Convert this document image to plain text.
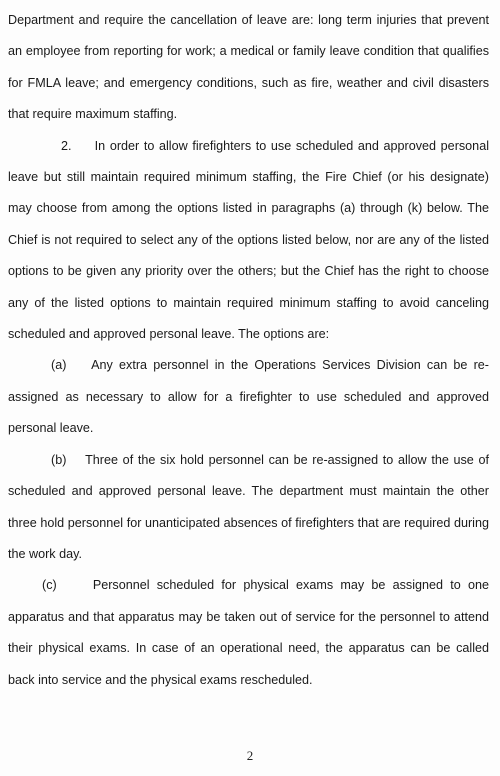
Department and require the cancellation of leave are: long term injuries that prevent an employee from reporting for work; a medical or family leave condition that qualifies for FMLA leave; and emergency conditions, such as fire, weather and civil disasters that require maximum staffing.

2.     In order to allow firefighters to use scheduled and approved personal leave but still maintain required minimum staffing, the Fire Chief (or his designate) may choose from among the options listed in paragraphs (a) through (k) below. The Chief is not required to select any of the options listed below, nor are any of the listed options to be given any priority over the others; but the Chief has the right to choose any of the listed options to maintain required minimum staffing to avoid canceling scheduled and approved personal leave. The options are:

(a)    Any extra personnel in the Operations Services Division can be re-assigned as necessary to allow for a firefighter to use scheduled and approved personal leave.

(b)    Three of the six hold personnel can be re-assigned to allow the use of scheduled and approved personal leave. The department must maintain the other three hold personnel for unanticipated absences of firefighters that are required during the work day.

(c)     Personnel scheduled for physical exams may be assigned to one apparatus and that apparatus may be taken out of service for the personnel to attend their physical exams. In case of an operational need, the apparatus can be called back into service and the physical exams rescheduled.

2
